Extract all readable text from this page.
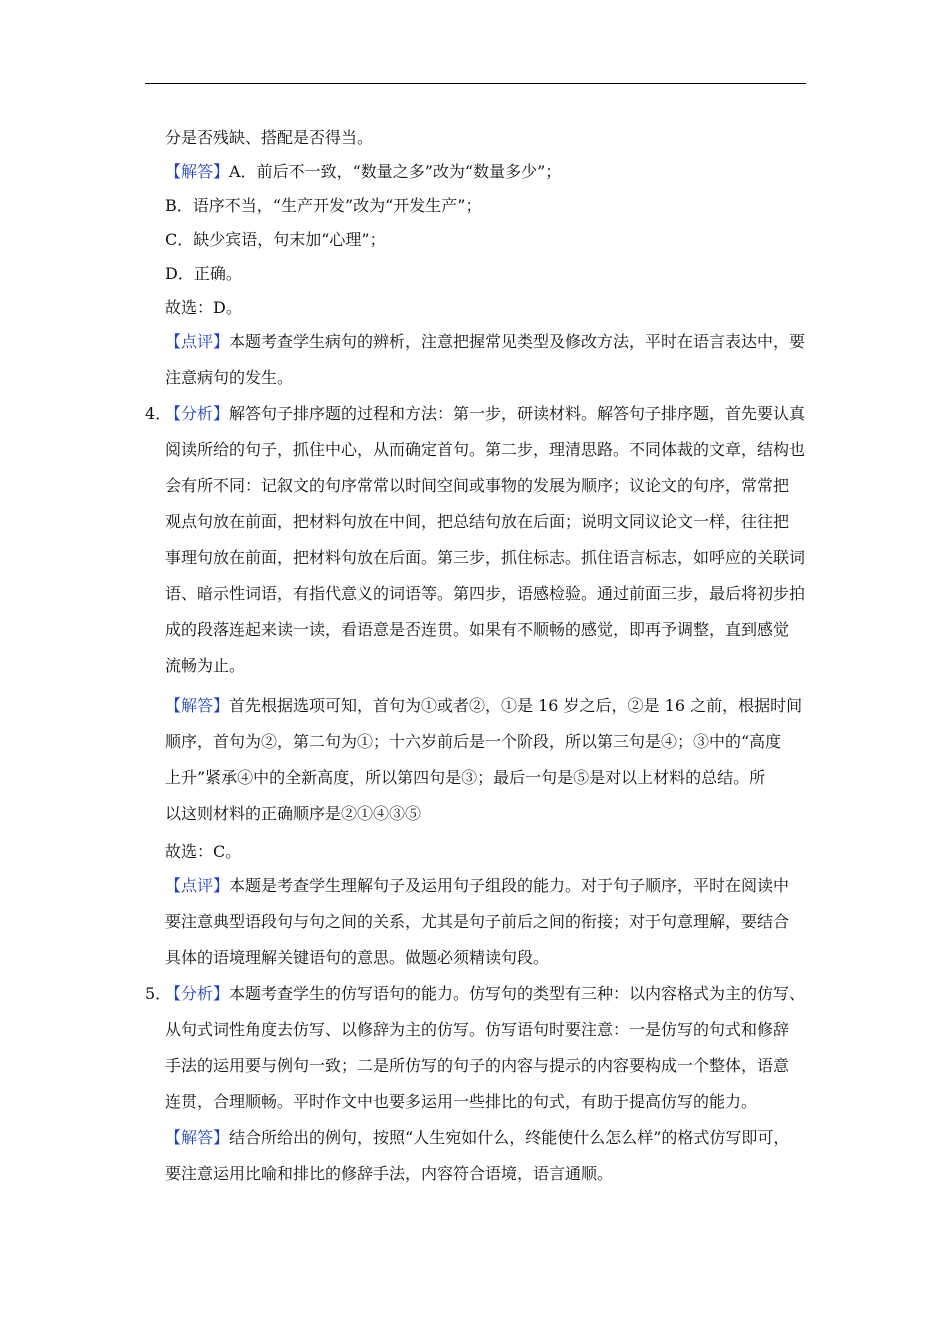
分是否残缺、搭配是否得当。
【解答】A．前后不一致，“数量之多”改为“数量多少”；
B．语序不当，“生产开发”改为“开发生产”；
C．缺少宾语，句末加“心理”；
D．正确。
故选：D。
【点评】本题考查学生病句的辨析，注意把握常见类型及修改方法，平时在语言表达中，要
注意病句的发生。
4．
【分析】解答句子排序题的过程和方法：第一步，研读材料。解答句子排序题，首先要认真
阅读所给的句子，抓住中心，从而确定首句。第二步，理清思路。不同体裁的文章，结构也
会有所不同：记叙文的句序常常以时间空间或事物的发展为顺序；议论文的句序，常常把
观点句放在前面，把材料句放在中间，把总结句放在后面；说明文同议论文一样，往往把
事理句放在前面，把材料句放在后面。第三步，抓住标志。抓住语言标志，如呼应的关联词
语、暗示性词语，有指代意义的词语等。第四步，语感检验。通过前面三步，最后将初步拍
成的段落连起来读一读，看语意是否连贯。如果有不顺畅的感觉，即再予调整，直到感觉
流畅为止。
【解答】首先根据选项可知，首句为①或者②，①是 16 岁之后，②是 16 之前，根据时间
顺序，首句为②，第二句为①；十六岁前后是一个阶段，所以第三句是④；③中的“高度
上升”紧承④中的全新高度，所以第四句是③；最后一句是⑤是对以上材料的总结。所
以这则材料的正确顺序是②①④③⑤
故选：C。
【点评】本题是考查学生理解句子及运用句子组段的能力。对于句子顺序，平时在阅读中
要注意典型语段句与句之间的关系，尤其是句子前后之间的衔接；对于句意理解，要结合
具体的语境理解关键语句的意思。做题必须精读句段。
5．
【分析】本题考查学生的仿写语句的能力。仿写句的类型有三种：以内容格式为主的仿写、
从句式词性角度去仿写、以修辞为主的仿写。仿写语句时要注意：一是仿写的句式和修辞
手法的运用要与例句一致；二是所仿写的句子的内容与提示的内容要构成一个整体，语意
连贯，合理顺畅。平时作文中也要多运用一些排比的句式，有助于提高仿写的能力。
【解答】结合所给出的例句，按照“人生宛如什么，终能使什么怎么样”的格式仿写即可，
要注意运用比喻和排比的修辞手法，内容符合语境，语言通顺。
